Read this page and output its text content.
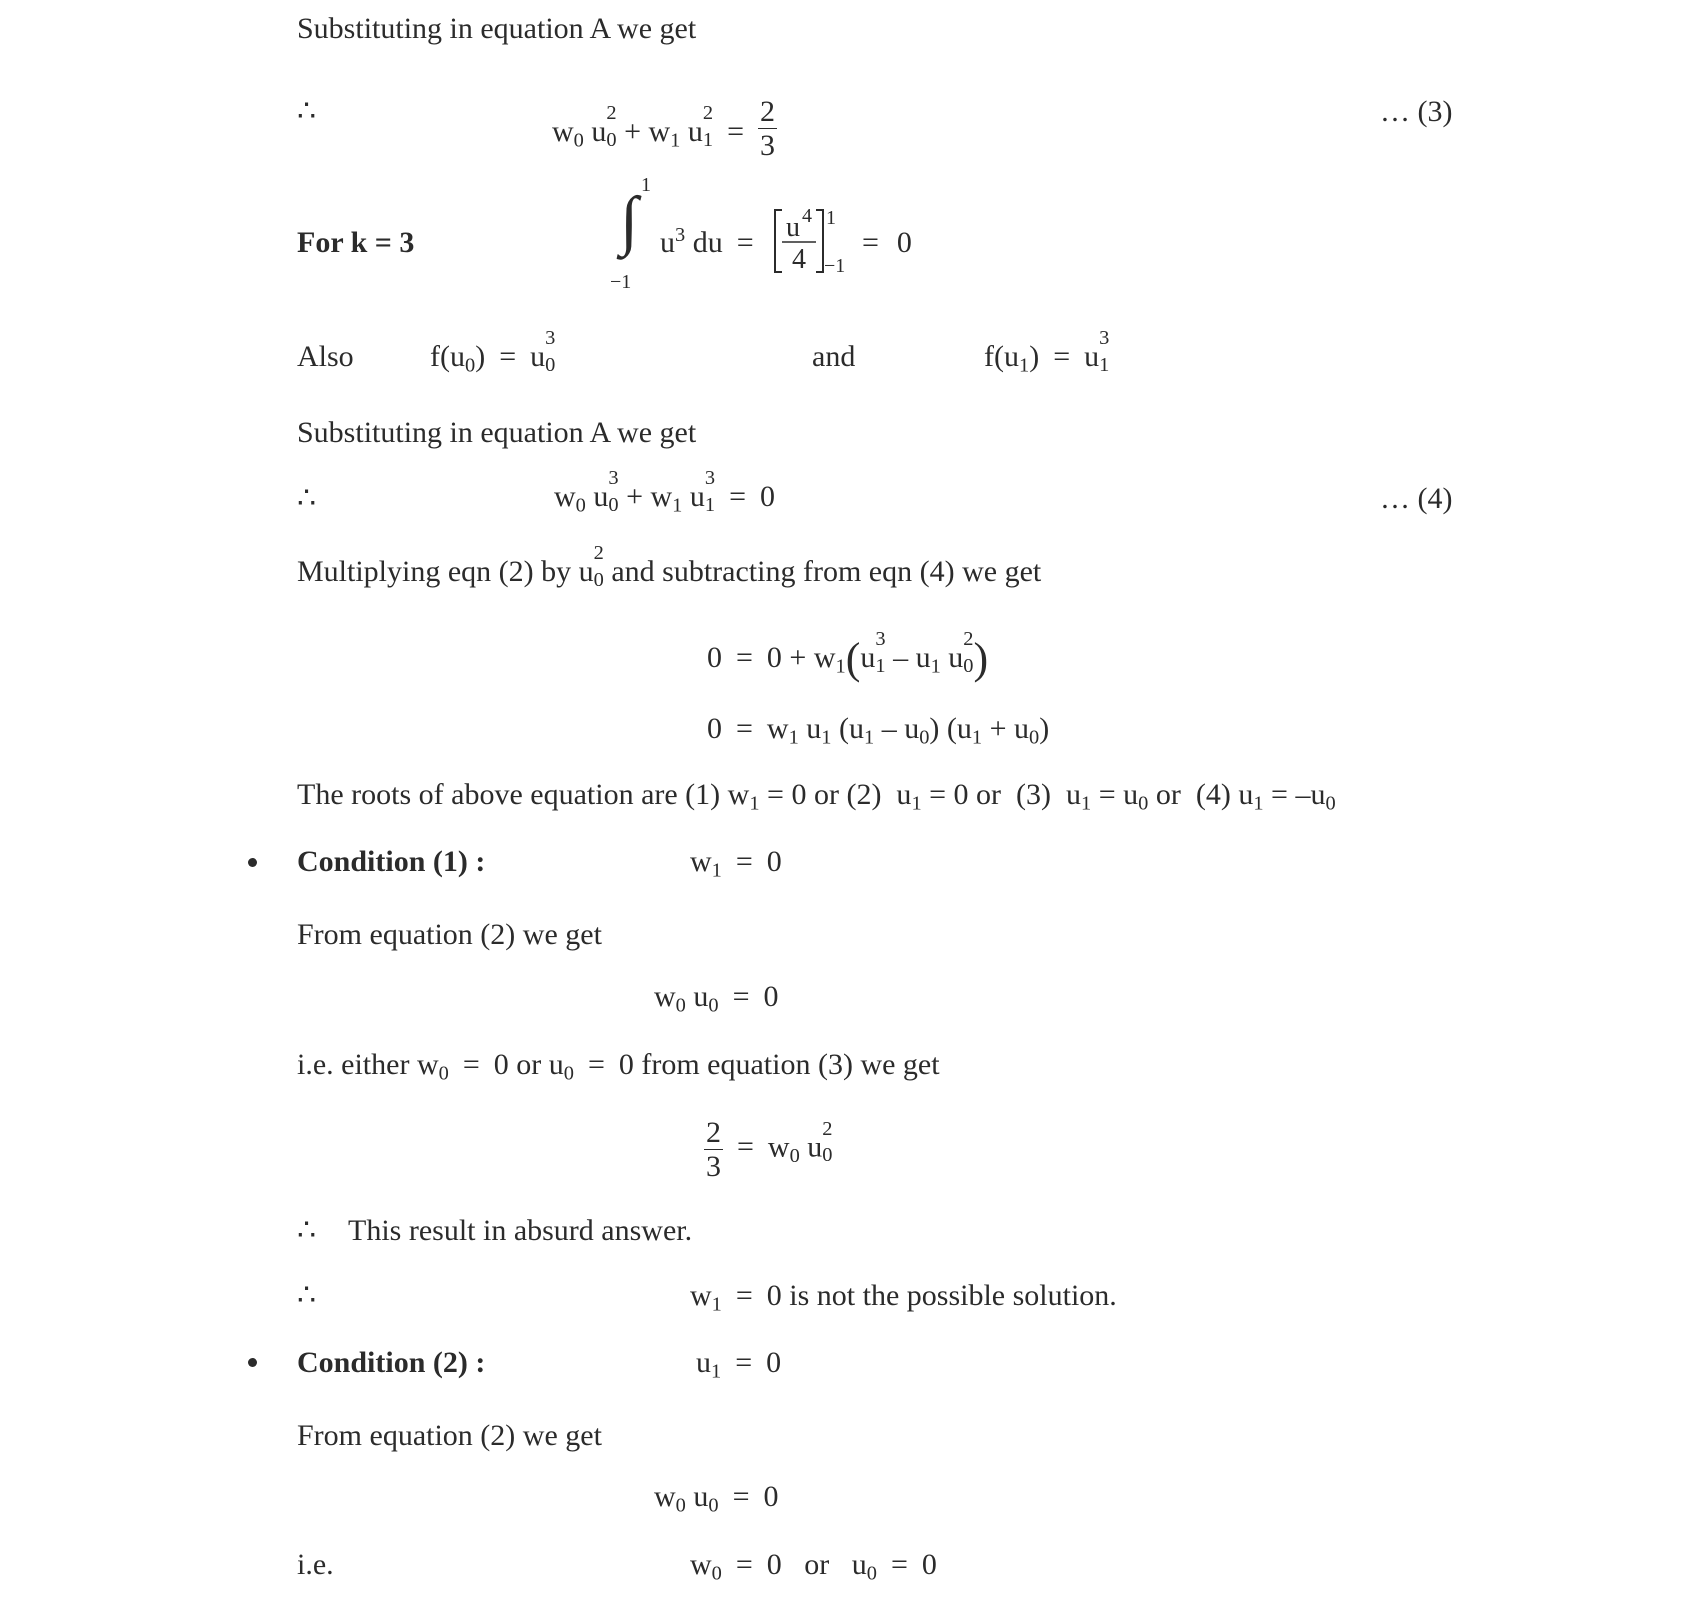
Substituting in equation A we get
∴
$w_0$ u
2
$0 + w_1$ u
2
$1 = \frac{2}{3}$	… (3)
For k = 3
1
∫
−1
$u^3$ du =	u 4
4
1
−1
= 0
Also	$f(u_0) = u$
3
0	and	$f(u_1) = u$
3
1
Substituting in equation A we get
∴	$w_0$ u
3
$0 + w_1$ u
3
1 = 0	… (4)
Multiplying eqn (2) by u
2
0 and subtracting from eqn (4) we get
$0 = 0 + w_1(u$
3
$1 - u_1$ u
2
0 )
$0 = w_1$ $u_1$ $(u_1 - u_0) (u_1 + u_0)$
The roots of above equation are (1) $w_1 = 0$ or (2)  $u_1 = 0$ or  (3)  $u_1 = u_0$ or  (4) $u_1 = -u_0$
Condition (1) :	$w_1 = 0$
From equation (2) we get
$w_0$ $u_0 = 0$
i.e. either $w_0 = 0$ or $u_0 = 0$ from equation (3) we get
$\frac{2}{3} = w_0$ u
2
0
∴ This result in absurd answer.
∴	$w_1 = 0$ is not the possible solution.
Condition (2) :	$u_1 = 0$
From equation (2) we get
$w_0$ $u_0 = 0$
i.e.	$w_0 = 0$   or   $u_0 = 0$
